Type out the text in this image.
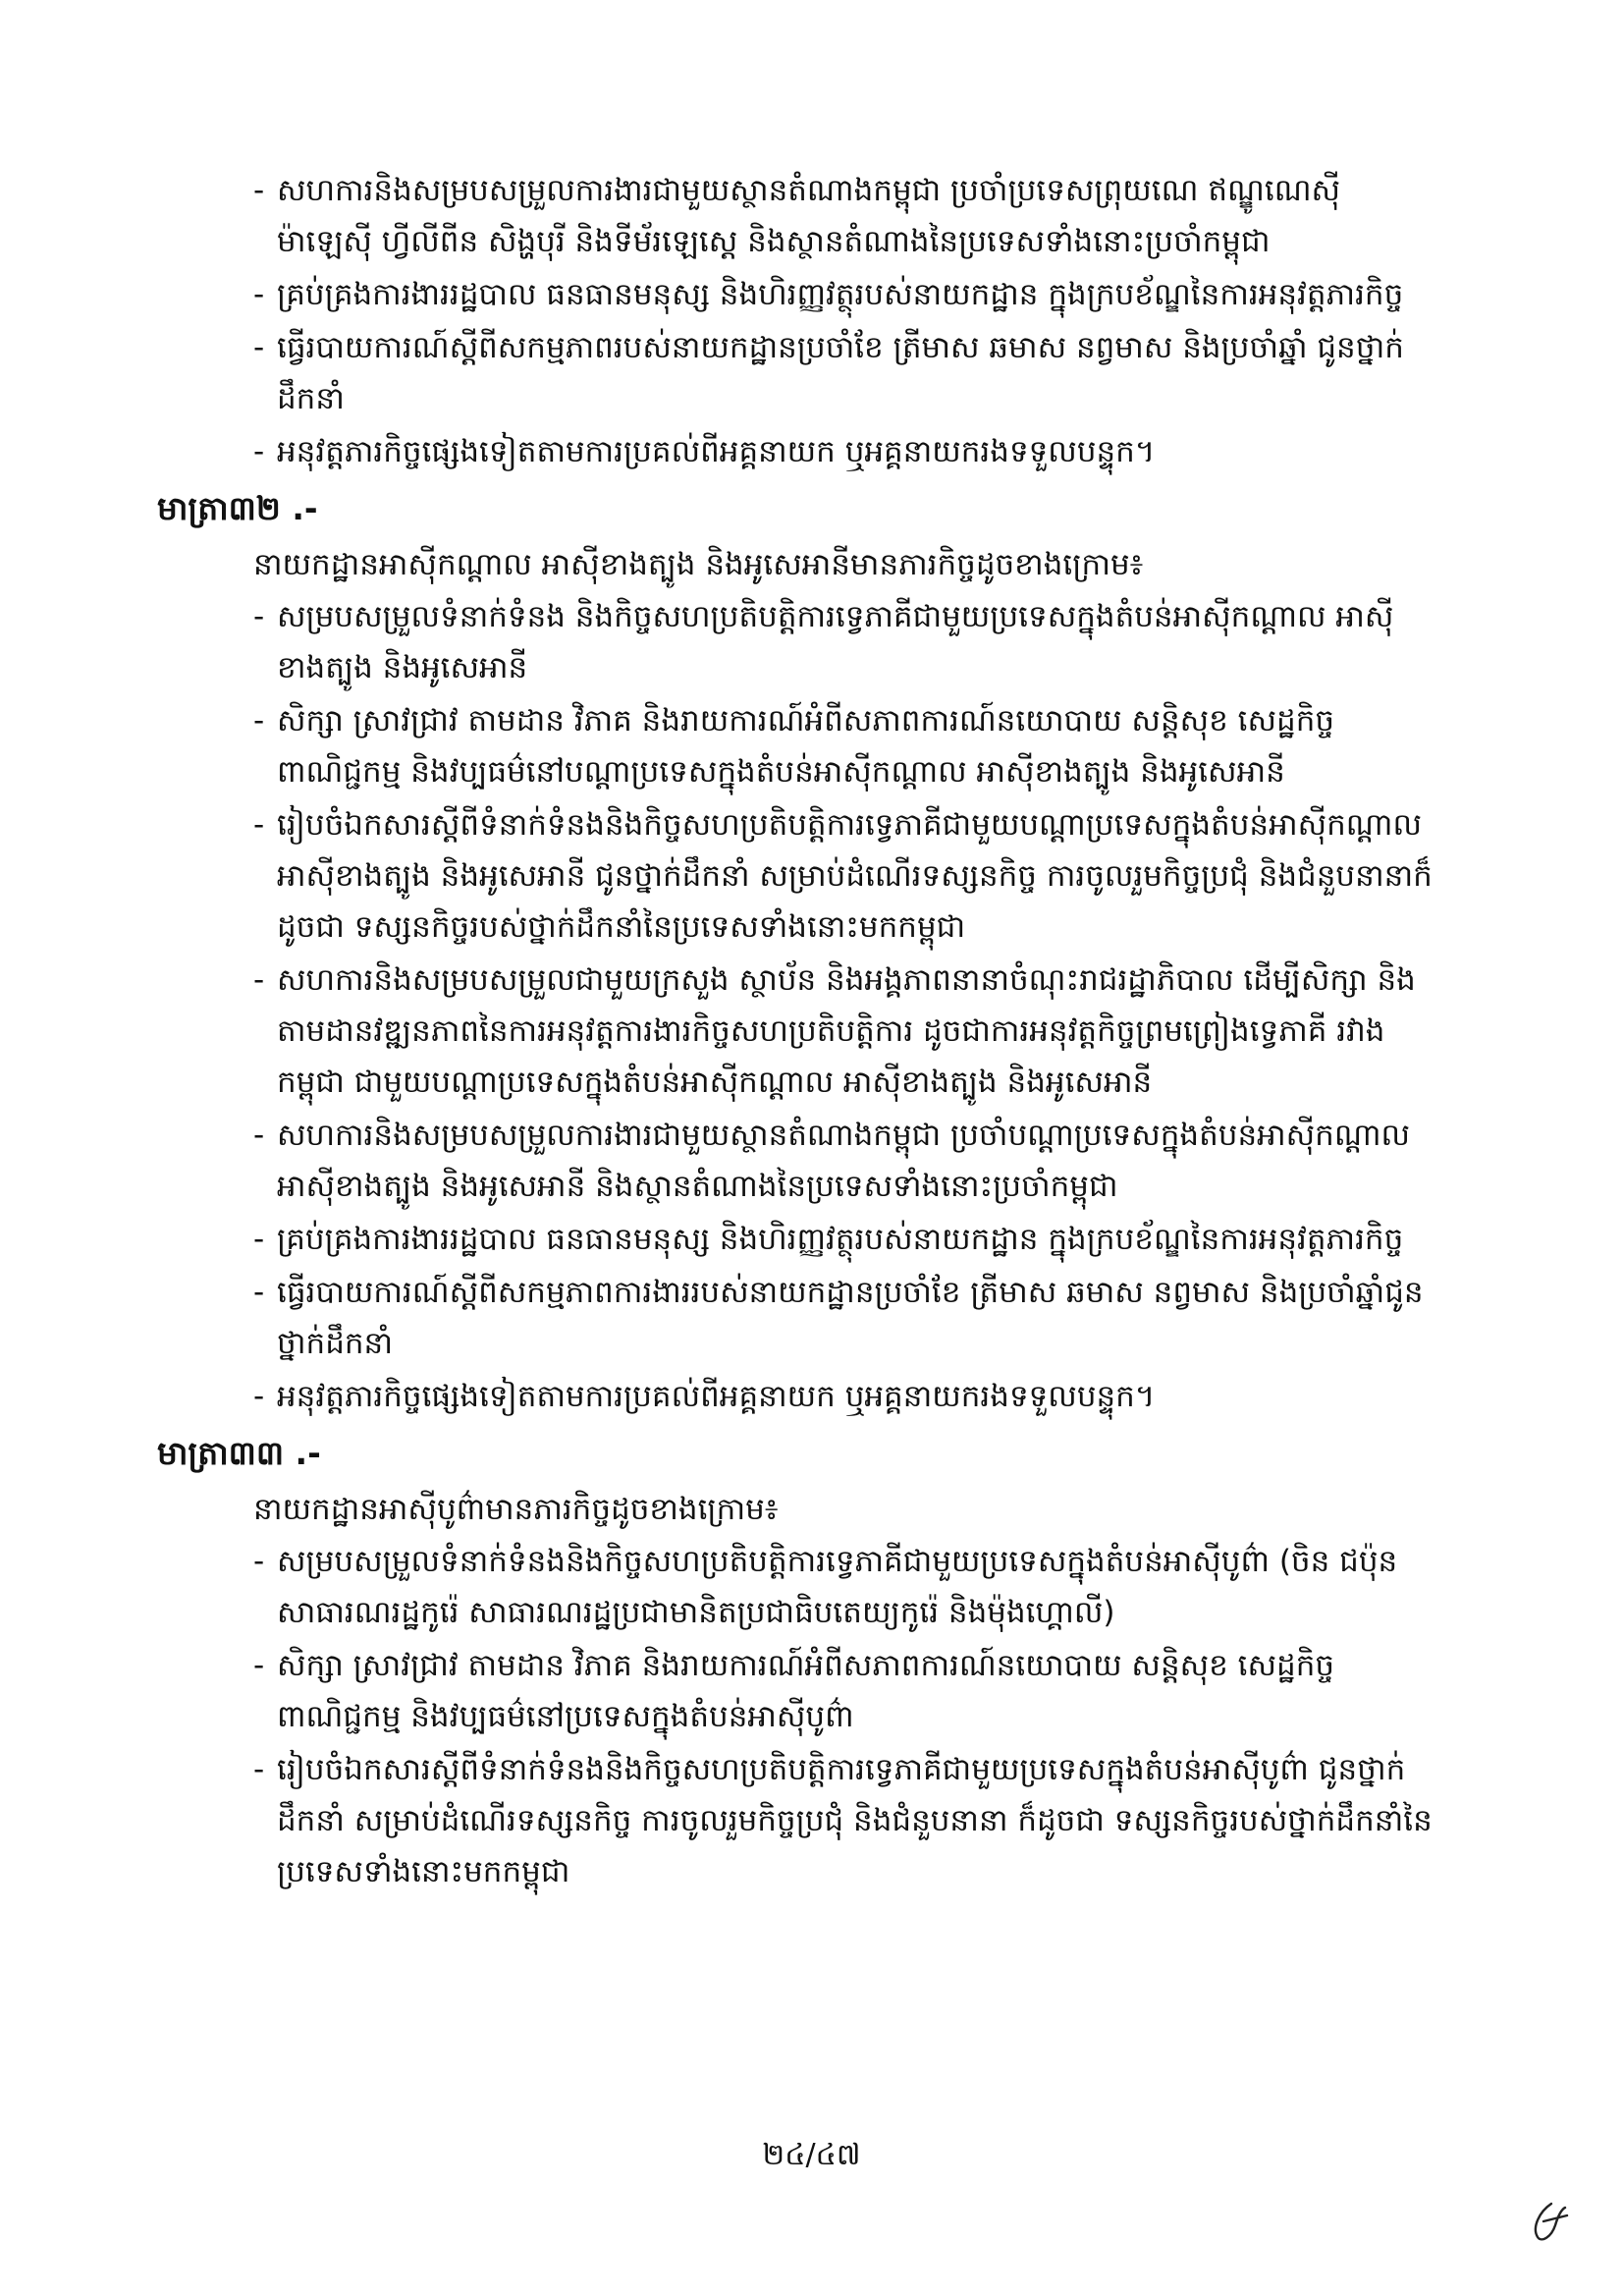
- សហការនិងសម្របសម្រួលការងារជាមួយស្ថានតំណាងកម្ពុជា ប្រចាំប្រទេសព្រុយណេ ឥណ្ឌូណេស៊ី ម៉ាឡេស៊ី ហ្វីលីពីន សិង្ហបុរី និងទីម័រឡេស្តេ និងស្ថានតំណាងនៃប្រទេសទាំងនោះប្រចាំកម្ពុជា
- គ្រប់គ្រងការងាររដ្ឋបាល ធនធានមនុស្ស និងហិរញ្ញវត្ថុរបស់នាយកដ្ឋាន ក្នុងក្របខ័ណ្ឌនៃការអនុវត្តភារកិច្ច
- ធ្វើរបាយការណ៍ស្តីពីសកម្មភាពរបស់នាយកដ្ឋានប្រចាំខែ ត្រីមាស ឆមាស នព្វមាស និងប្រចាំឆ្នាំ ជូនថ្នាក់ដឹកនាំ
- អនុវត្តភារកិច្ចផ្សេងទៀតតាមការប្រគល់ពីអគ្គនាយក ឬអគ្គនាយករងទទួលបន្ទុក។
មាត្រា៣២ .-
នាយកដ្ឋានអាស៊ីកណ្តាល អាស៊ីខាងត្បូង និងអូសេអានីមានភារកិច្ចដូចខាងក្រោម៖
- សម្របសម្រួលទំនាក់ទំនង និងកិច្ចសហប្រតិបត្តិការទ្វេភាគីជាមួយប្រទេសក្នុងតំបន់អាស៊ីកណ្តាល អាស៊ីខាងត្បូង និងអូសេអានី
- សិក្សា ស្រាវជ្រាវ តាមដាន វិភាគ និងរាយការណ៍អំពីសភាពការណ៍នយោបាយ សន្តិសុខ សេដ្ឋកិច្ច ពាណិជ្ជកម្ម និងវប្បធម៌នៅបណ្តាប្រទេសក្នុងតំបន់អាស៊ីកណ្តាល អាស៊ីខាងត្បូង និងអូសេអានី
- រៀបចំឯកសារស្តីពីទំនាក់ទំនងនិងកិច្ចសហប្រតិបត្តិការទ្វេភាគីជាមួយបណ្តាប្រទេសក្នុងតំបន់អាស៊ីកណ្តាល អាស៊ីខាងត្បូង និងអូសេអានី ជូនថ្នាក់ដឹកនាំ សម្រាប់ដំណើរទស្សនកិច្ច ការចូលរួមកិច្ចប្រជុំ និងជំនួបនានាក៏ដូចជា ទស្សនកិច្ចរបស់ថ្នាក់ដឹកនាំនៃប្រទេសទាំងនោះមកកម្ពុជា
- សហការនិងសម្របសម្រួលជាមួយក្រសួង ស្ថាប័ន និងអង្គភាពនានាចំណុះរាជរដ្ឋាភិបាល ដើម្បីសិក្សា និងតាមដានវឌ្ឍនភាពនៃការអនុវត្តការងារកិច្ចសហប្រតិបត្តិការ ដូចជាការអនុវត្តកិច្ចព្រមព្រៀងទ្វេភាគី រវាងកម្ពុជា ជាមួយបណ្តាប្រទេសក្នុងតំបន់អាស៊ីកណ្តាល អាស៊ីខាងត្បូង និងអូសេអានី
- សហការនិងសម្របសម្រួលការងារជាមួយស្ថានតំណាងកម្ពុជា ប្រចាំបណ្តាប្រទេសក្នុងតំបន់អាស៊ីកណ្តាល អាស៊ីខាងត្បូង និងអូសេអានី និងស្ថានតំណាងនៃប្រទេសទាំងនោះប្រចាំកម្ពុជា
- គ្រប់គ្រងការងាររដ្ឋបាល ធនធានមនុស្ស និងហិរញ្ញវត្ថុរបស់នាយកដ្ឋាន ក្នុងក្របខ័ណ្ឌនៃការអនុវត្តភារកិច្ច
- ធ្វើរបាយការណ៍ស្តីពីសកម្មភាពការងាររបស់នាយកដ្ឋានប្រចាំខែ ត្រីមាស ឆមាស នព្វមាស និងប្រចាំឆ្នាំជូនថ្នាក់ដឹកនាំ
- អនុវត្តភារកិច្ចផ្សេងទៀតតាមការប្រគល់ពីអគ្គនាយក ឬអគ្គនាយករងទទួលបន្ទុក។
មាត្រា៣៣ .-
នាយកដ្ឋានអាស៊ីបូព៌ាមានភារកិច្ចដូចខាងក្រោម៖
- សម្របសម្រួលទំនាក់ទំនងនិងកិច្ចសហប្រតិបត្តិការទ្វេភាគីជាមួយប្រទេសក្នុងតំបន់អាស៊ីបូព៌ា (ចិន ជប៉ុន សាធារណរដ្ឋកូរ៉េ សាធារណរដ្ឋប្រជាមានិតប្រជាធិបតេយ្យកូរ៉េ និងម៉ុងហ្គោលី)
- សិក្សា ស្រាវជ្រាវ តាមដាន វិភាគ និងរាយការណ៍អំពីសភាពការណ៍នយោបាយ សន្តិសុខ សេដ្ឋកិច្ច ពាណិជ្ជកម្ម និងវប្បធម៌នៅប្រទេសក្នុងតំបន់អាស៊ីបូព៌ា
- រៀបចំឯកសារស្តីពីទំនាក់ទំនងនិងកិច្ចសហប្រតិបត្តិការទ្វេភាគីជាមួយប្រទេសក្នុងតំបន់អាស៊ីបូព៌ា ជូនថ្នាក់ដឹកនាំ សម្រាប់ដំណើរទស្សនកិច្ច ការចូលរួមកិច្ចប្រជុំ និងជំនួបនានា ក៏ដូចជា ទស្សនកិច្ចរបស់ថ្នាក់ដឹកនាំនៃប្រទេសទាំងនោះមកកម្ពុជា
២៤/៤៧
